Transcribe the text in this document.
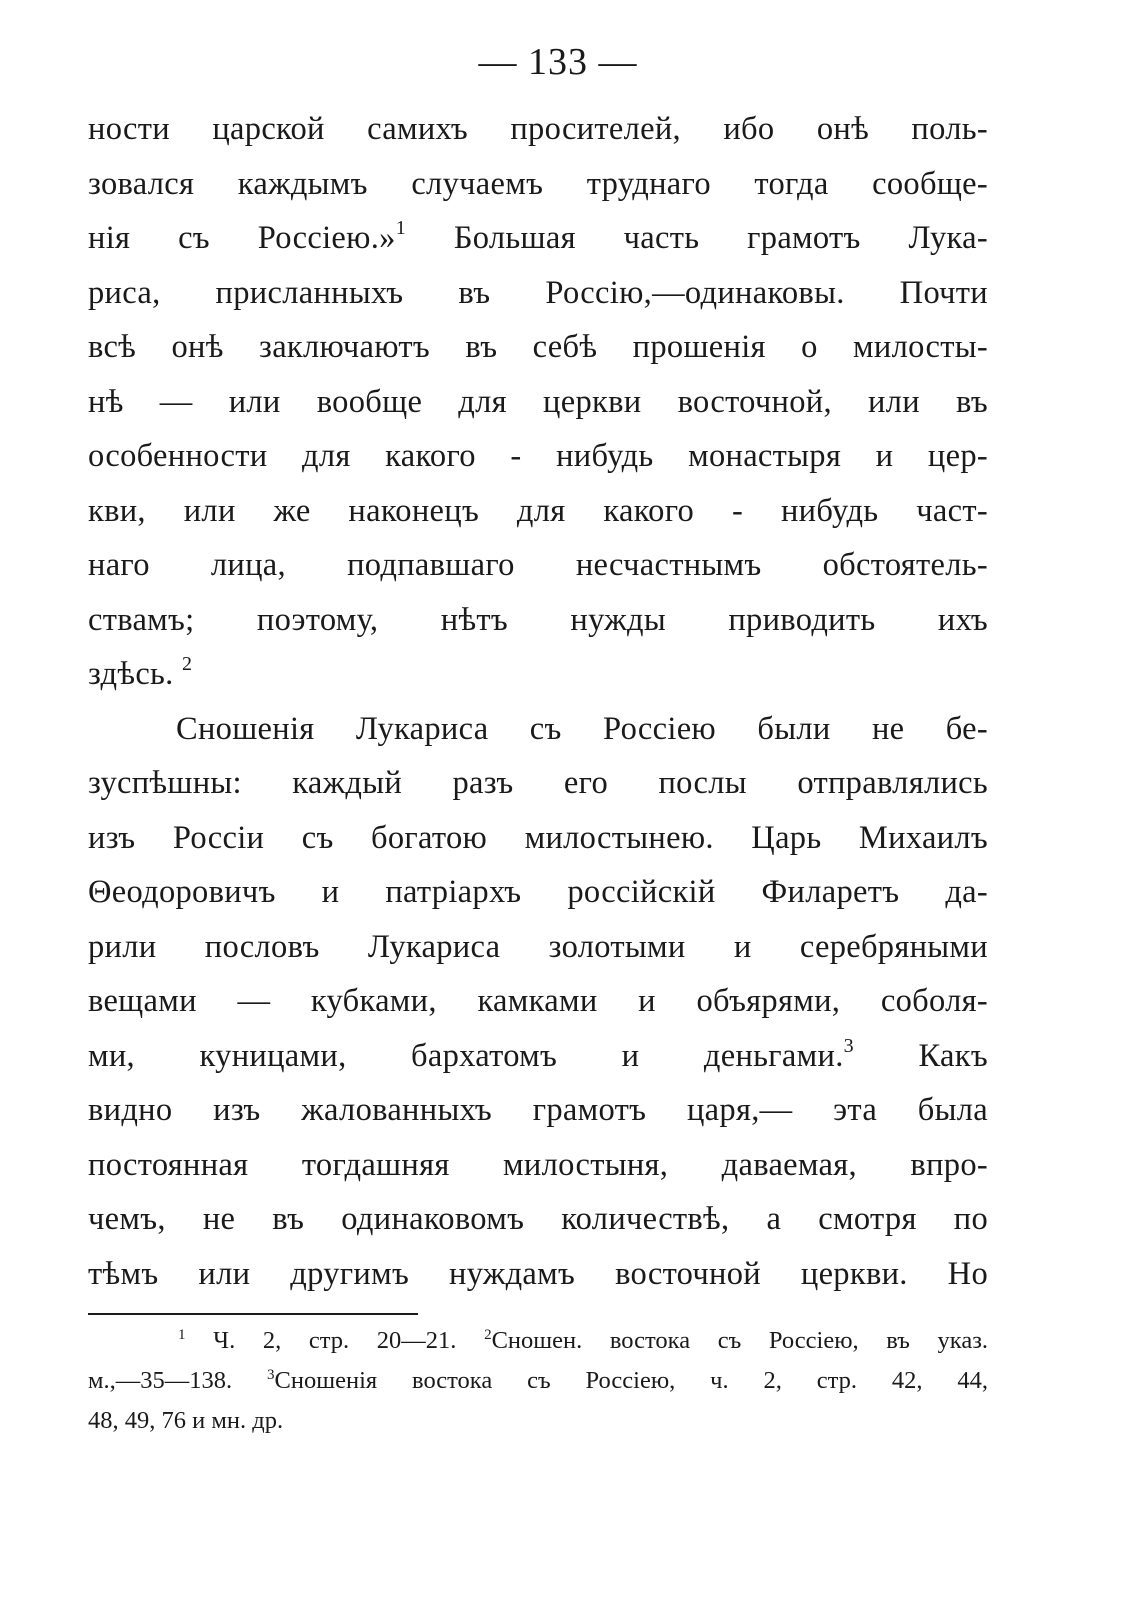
— 133 —
ности царской самихъ просителей, ибо онѣ поль-
зовался каждымъ случаемъ труднаго тогда сообще-
нія съ Россіею.»$^1$ Большая часть грамотъ Лука-
риса, присланныхъ въ Россію,—одинаковы. Почти
всѣ онѣ заключаютъ въ себѣ прошенія о милосты-
нѣ — или вообще для церкви восточной, или въ
особенности для какого - нибудь монастыря и цер-
кви, или же наконецъ для какого - нибудь част-
наго лица, подпавшаго несчастнымъ обстоятель-
ствамъ; поэтому, нѣтъ нужды приводить ихъ
здѣсь. $^2$
Сношенія Лукариса съ Россіею были не бе-
зуспѣшны: каждый разъ его послы отправлялись
изъ Россіи съ богатою милостынею. Царь Михаилъ
Θеодоровичъ и патріархъ россійскій Филаретъ да-
рили пословъ Лукариса золотыми и серебряными
вещами — кубками, камками и объярями, соболя-
ми, куницами, бархатомъ и деньгами.$^3$ Какъ
видно изъ жалованныхъ грамотъ царя,— эта была
постоянная тогдашняя милостыня, даваемая, впро-
чемъ, не въ одинаковомъ количествѣ, а смотря по
тѣмъ или другимъ нуждамъ восточной церкви. Но
$^1$ Ч. 2, стр. 20—21. $^2$Сношен. востока съ Россіею, въ указ.
м.,—35—138. $^3$Сношенія востока съ Россіею, ч. 2, стр. 42, 44,
48, 49, 76 и мн. др.
